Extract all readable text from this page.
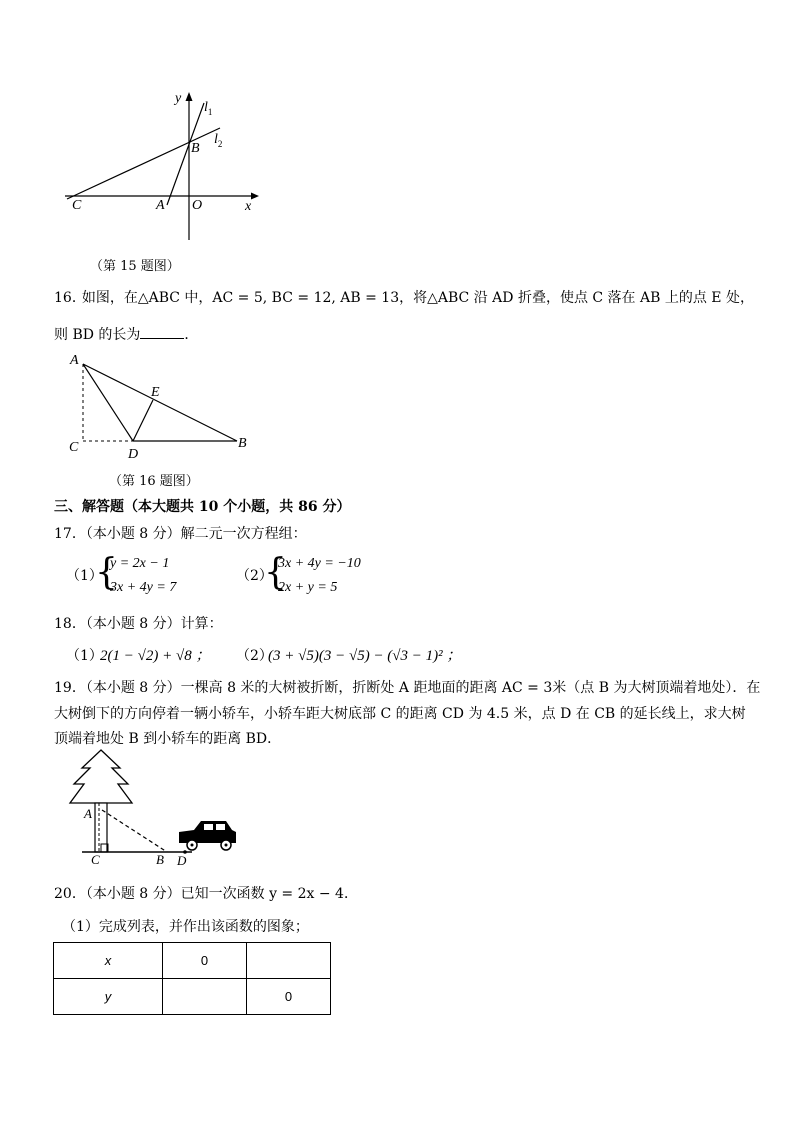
y
x
$l_1$
$l_2$
B
C	A O
（第 15 题图）
16．如图，在△ABC 中，AC = 5, BC = 12, AB = 13，将△ABC 沿 AD 折叠，使点 C 落在 AB 上的点 E 处，
则 BD 的长为	．
A
E
C	D
B
（第 16 题图）
三、解答题（本大题共 10 个小题，共 86 分）
17．（本小题 8 分）解二元一次方程组：
（1）
{
y = 2x − 1
3x + 4y = 7
（2）
{
3x + 4y = −10
2x + y = 5
18．（本小题 8 分）计算：
（1）
2(1 − √2) + √8 ； （2）
(3 + √5)(3 − √5) − (√3 − 1)² ；
19．（本小题 8 分）一棵高 8 米的大树被折断，折断处 A 距地面的距离 AC = 3米（点 B 为大树顶端着地处）．在
大树倒下的方向停着一辆小轿车，小轿车距大树底部 C 的距离 CD 为 4.5 米，点 D 在 CB 的延长线上，求大树
顶端着地处 B 到小轿车的距离 BD．
A
C	B D
20．（本小题 8 分）已知一次函数 y = 2x − 4．
（1）完成列表，并作出该函数的图象；
x	0	
y		0
